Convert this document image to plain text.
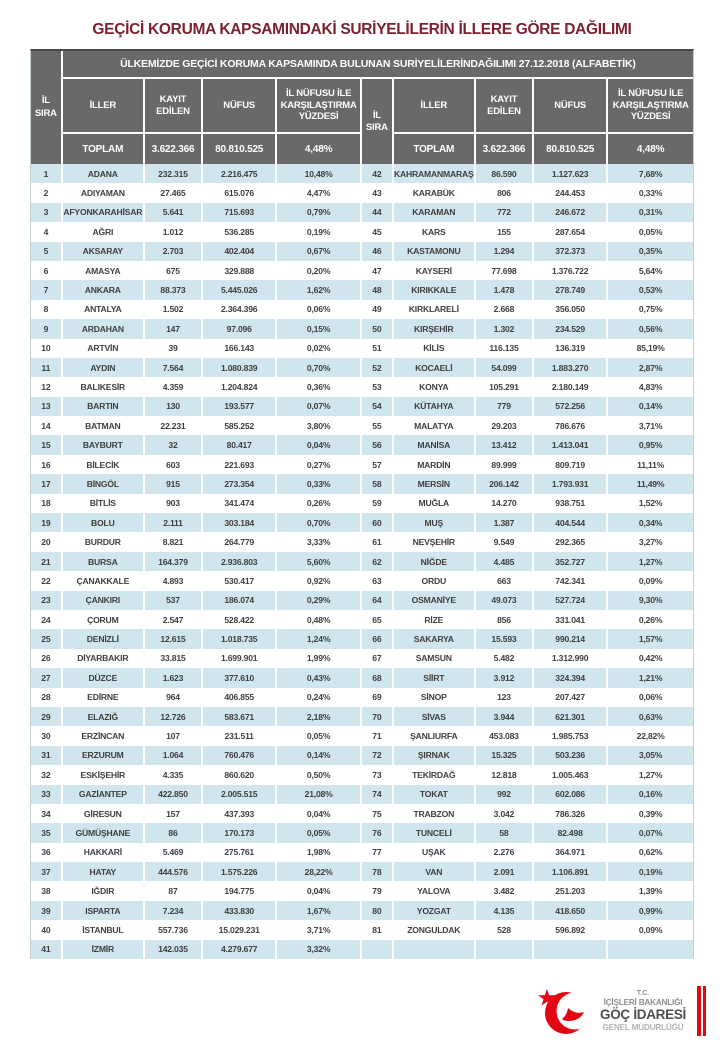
GEÇİCİ KORUMA KAPSAMINDAKİ SURİYELİLERİN İLLERE GÖRE DAĞILIMI
İL SIRA	ÜLKEMİZDE GEÇİCİ KORUMA KAPSAMINDA BULUNAN SURİYELİLERİNDAĞILIMI 27.12.2018 (ALFABETİK)								
	İLLER	KAYIT EDİLEN	NÜFUS	İL NÜFUSU İLE KARŞILAŞTIRMA YÜZDESİ	İL SIRA	İLLER	KAYIT EDİLEN	NÜFUS	İL NÜFUSU İLE KARŞILAŞTIRMA YÜZDESİ
	TOPLAM	3.622.366	80.810.525	4,48%		TOPLAM	3.622.366	80.810.525	4,48%
1	ADANA	232.315	2.216.475	10,48%	42	KAHRAMANMARAŞ	86.590	1.127.623	7,68%
2	ADIYAMAN	27.465	615.076	4,47%	43	KARABÜK	806	244.453	0,33%
3	AFYONKARAHİSAR	5.641	715.693	0,79%	44	KARAMAN	772	246.672	0,31%
4	AĞRI	1.012	536.285	0,19%	45	KARS	155	287.654	0,05%
5	AKSARAY	2.703	402.404	0,67%	46	KASTAMONU	1.294	372.373	0,35%
6	AMASYA	675	329.888	0,20%	47	KAYSERİ	77.698	1.376.722	5,64%
7	ANKARA	88.373	5.445.026	1,62%	48	KIRIKKALE	1.478	278.749	0,53%
8	ANTALYA	1.502	2.364.396	0,06%	49	KIRKLARELİ	2.668	356.050	0,75%
9	ARDAHAN	147	97.096	0,15%	50	KIRŞEHİR	1.302	234.529	0,56%
10	ARTVİN	39	166.143	0,02%	51	KİLİS	116.135	136.319	85,19%
11	AYDIN	7.564	1.080.839	0,70%	52	KOCAELİ	54.099	1.883.270	2,87%
12	BALIKESİR	4.359	1.204.824	0,36%	53	KONYA	105.291	2.180.149	4,83%
13	BARTIN	130	193.577	0,07%	54	KÜTAHYA	779	572.256	0,14%
14	BATMAN	22.231	585.252	3,80%	55	MALATYA	29.203	786.676	3,71%
15	BAYBURT	32	80.417	0,04%	56	MANİSA	13.412	1.413.041	0,95%
16	BİLECİK	603	221.693	0,27%	57	MARDİN	89.999	809.719	11,11%
17	BİNGÖL	915	273.354	0,33%	58	MERSİN	206.142	1.793.931	11,49%
18	BİTLİS	903	341.474	0,26%	59	MUĞLA	14.270	938.751	1,52%
19	BOLU	2.111	303.184	0,70%	60	MUŞ	1.387	404.544	0,34%
20	BURDUR	8.821	264.779	3,33%	61	NEVŞEHİR	9.549	292.365	3,27%
21	BURSA	164.379	2.936.803	5,60%	62	NİĞDE	4.485	352.727	1,27%
22	ÇANAKKALE	4.893	530.417	0,92%	63	ORDU	663	742.341	0,09%
23	ÇANKIRI	537	186.074	0,29%	64	OSMANİYE	49.073	527.724	9,30%
24	ÇORUM	2.547	528.422	0,48%	65	RİZE	856	331.041	0,26%
25	DENİZLİ	12.615	1.018.735	1,24%	66	SAKARYA	15.593	990.214	1,57%
26	DİYARBAKIR	33.815	1.699.901	1,99%	67	SAMSUN	5.482	1.312.990	0,42%
27	DÜZCE	1.623	377.610	0,43%	68	SİİRT	3.912	324.394	1,21%
28	EDİRNE	964	406.855	0,24%	69	SİNOP	123	207.427	0,06%
29	ELAZIĞ	12.726	583.671	2,18%	70	SİVAS	3.944	621.301	0,63%
30	ERZİNCAN	107	231.511	0,05%	71	ŞANLIURFA	453.083	1.985.753	22,82%
31	ERZURUM	1.064	760.476	0,14%	72	ŞIRNAK	15.325	503.236	3,05%
32	ESKİŞEHİR	4.335	860.620	0,50%	73	TEKİRDAĞ	12.818	1.005.463	1,27%
33	GAZİANTEP	422.850	2.005.515	21,08%	74	TOKAT	992	602.086	0,16%
34	GİRESUN	157	437.393	0,04%	75	TRABZON	3.042	786.326	0,39%
35	GÜMÜŞHANE	86	170.173	0,05%	76	TUNCELİ	58	82.498	0,07%
36	HAKKARİ	5.469	275.761	1,98%	77	UŞAK	2.276	364.971	0,62%
37	HATAY	444.576	1.575.226	28,22%	78	VAN	2.091	1.106.891	0,19%
38	IĞDIR	87	194.775	0,04%	79	YALOVA	3.482	251.203	1,39%
39	ISPARTA	7.234	433.830	1,67%	80	YOZGAT	4.135	418.650	0,99%
40	İSTANBUL	557.736	15.029.231	3,71%	81	ZONGULDAK	528	596.892	0,09%
41	İZMİR	142.035	4.279.677	3,32%					
T.C.
İÇİŞLERİ BAKANLIĞI
GÖÇ İDARESİ
GENEL MÜDÜRLÜĞÜ
